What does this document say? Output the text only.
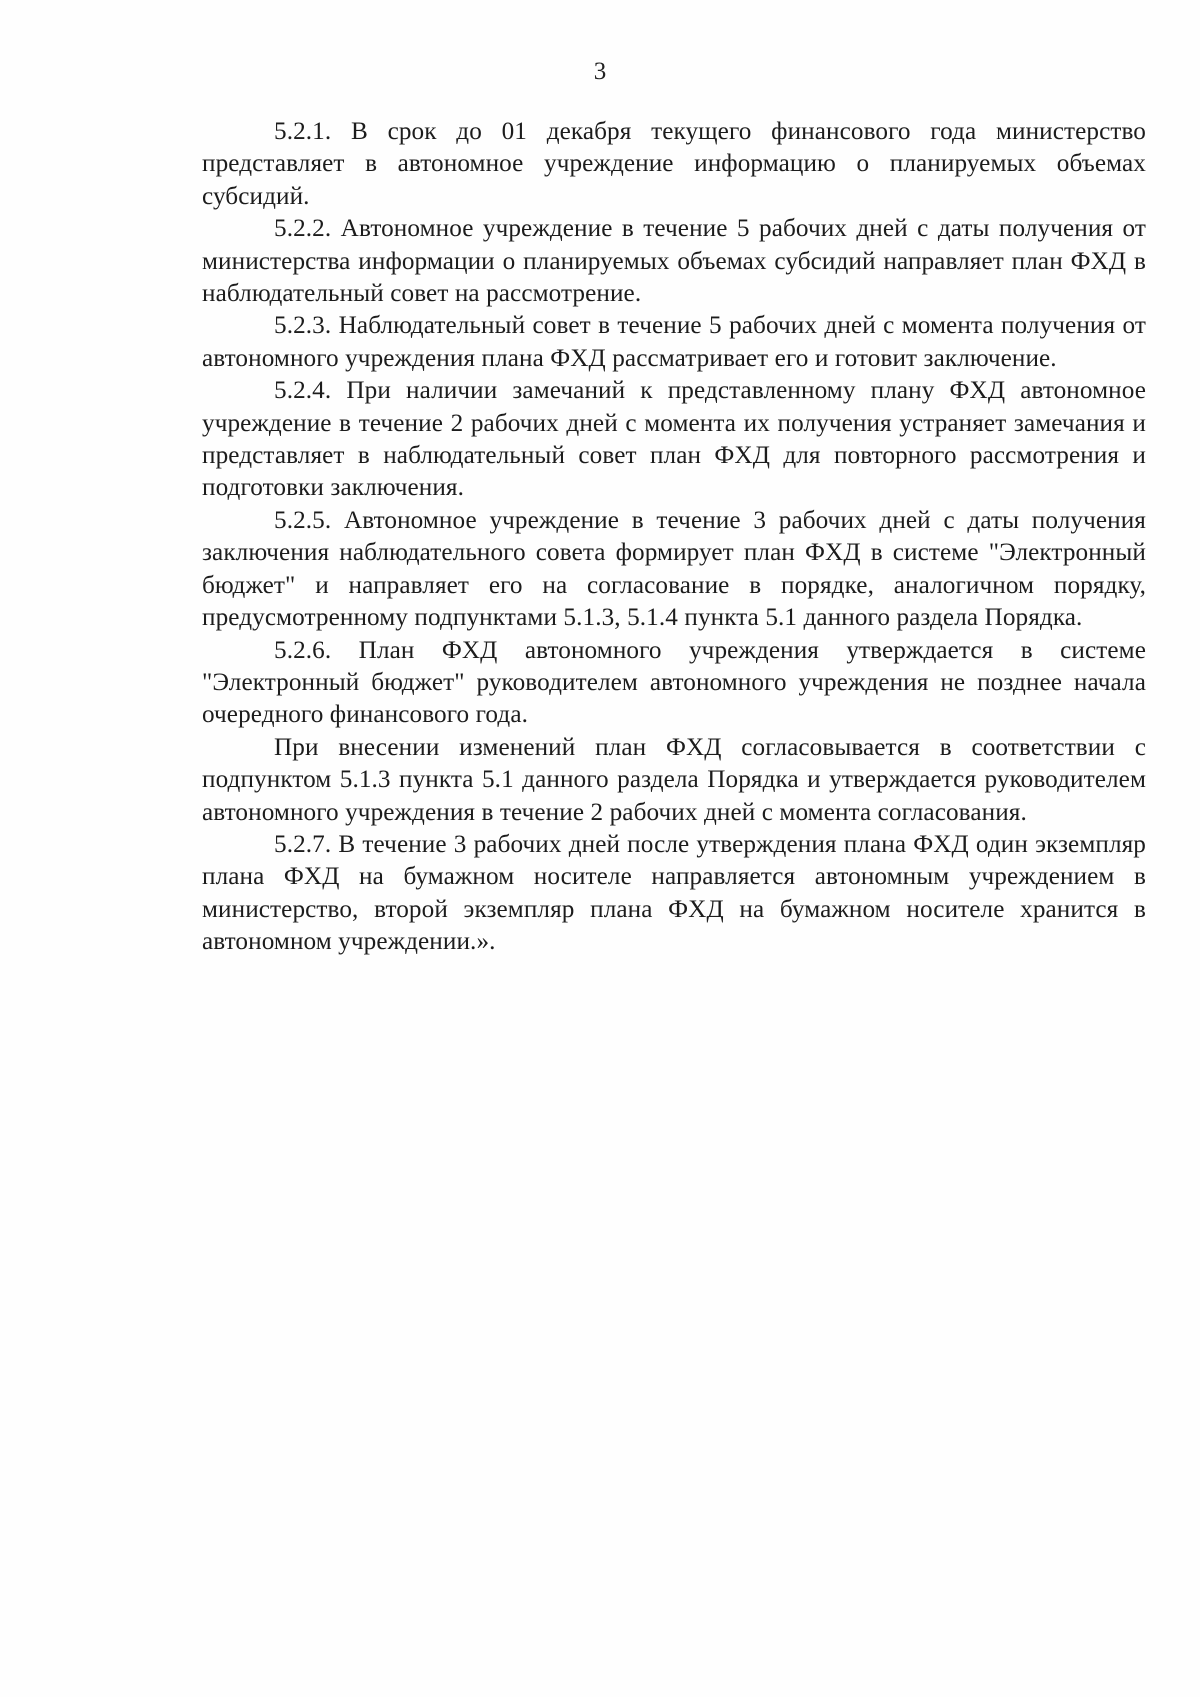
3

5.2.1. В срок до 01 декабря текущего финансового года министерство представляет в автономное учреждение информацию о планируемых объемах субсидий.

5.2.2. Автономное учреждение в течение 5 рабочих дней с даты получения от министерства информации о планируемых объемах субсидий направляет план ФХД в наблюдательный совет на рассмотрение.

5.2.3. Наблюдательный совет в течение 5 рабочих дней с момента получения от автономного учреждения плана ФХД рассматривает его и готовит заключение.

5.2.4. При наличии замечаний к представленному плану ФХД автономное учреждение в течение 2 рабочих дней с момента их получения устраняет замечания и представляет в наблюдательный совет план ФХД для повторного рассмотрения и подготовки заключения.

5.2.5. Автономное учреждение в течение 3 рабочих дней с даты получения заключения наблюдательного совета формирует план ФХД в системе "Электронный бюджет" и направляет его на согласование в порядке, аналогичном порядку, предусмотренному подпунктами 5.1.3, 5.1.4 пункта 5.1 данного раздела Порядка.

5.2.6. План ФХД автономного учреждения утверждается в системе "Электронный бюджет" руководителем автономного учреждения не позднее начала очередного финансового года.

При внесении изменений план ФХД согласовывается в соответствии с подпунктом 5.1.3 пункта 5.1 данного раздела Порядка и утверждается руководителем автономного учреждения в течение 2 рабочих дней с момента согласования.

5.2.7. В течение 3 рабочих дней после утверждения плана ФХД один экземпляр плана ФХД на бумажном носителе направляется автономным учреждением в министерство, второй экземпляр плана ФХД на бумажном носителе хранится в автономном учреждении.».
